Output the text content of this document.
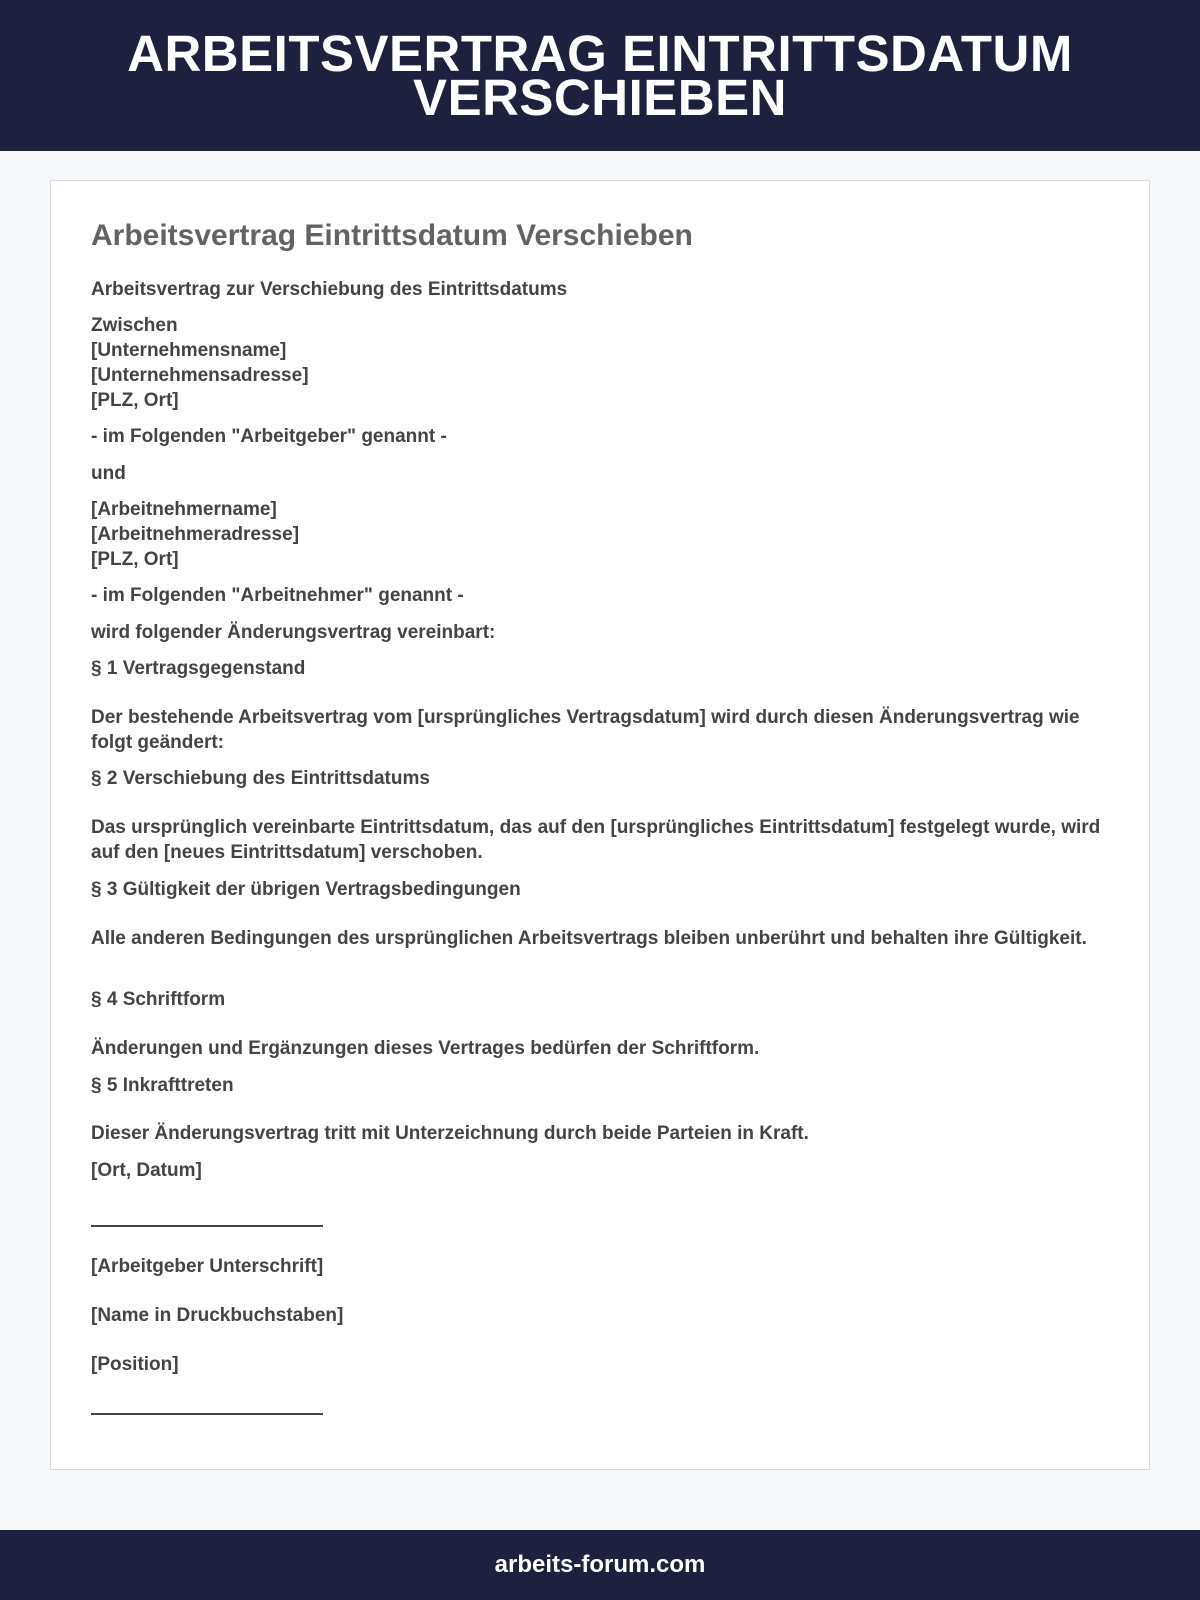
ARBEITSVERTRAG EINTRITTSDATUM VERSCHIEBEN
Arbeitsvertrag Eintrittsdatum Verschieben
Arbeitsvertrag zur Verschiebung des Eintrittsdatums
Zwischen
[Unternehmensname]
[Unternehmensadresse]
[PLZ, Ort]
- im Folgenden "Arbeitgeber" genannt -
und
[Arbeitnehmername]
[Arbeitnehmeradresse]
[PLZ, Ort]
- im Folgenden "Arbeitnehmer" genannt -
wird folgender Änderungsvertrag vereinbart:
§ 1 Vertragsgegenstand
Der bestehende Arbeitsvertrag vom [ursprüngliches Vertragsdatum] wird durch diesen Änderungsvertrag wie folgt geändert:
§ 2 Verschiebung des Eintrittsdatums
Das ursprünglich vereinbarte Eintrittsdatum, das auf den [ursprüngliches Eintrittsdatum] festgelegt wurde, wird auf den [neues Eintrittsdatum] verschoben.
§ 3 Gültigkeit der übrigen Vertragsbedingungen
Alle anderen Bedingungen des ursprünglichen Arbeitsvertrags bleiben unberührt und behalten ihre Gültigkeit.
§ 4 Schriftform
Änderungen und Ergänzungen dieses Vertrages bedürfen der Schriftform.
§ 5 Inkrafttreten
Dieser Änderungsvertrag tritt mit Unterzeichnung durch beide Parteien in Kraft.
[Ort, Datum]
[Arbeitgeber Unterschrift]
[Name in Druckbuchstaben]
[Position]
arbeits-forum.com
